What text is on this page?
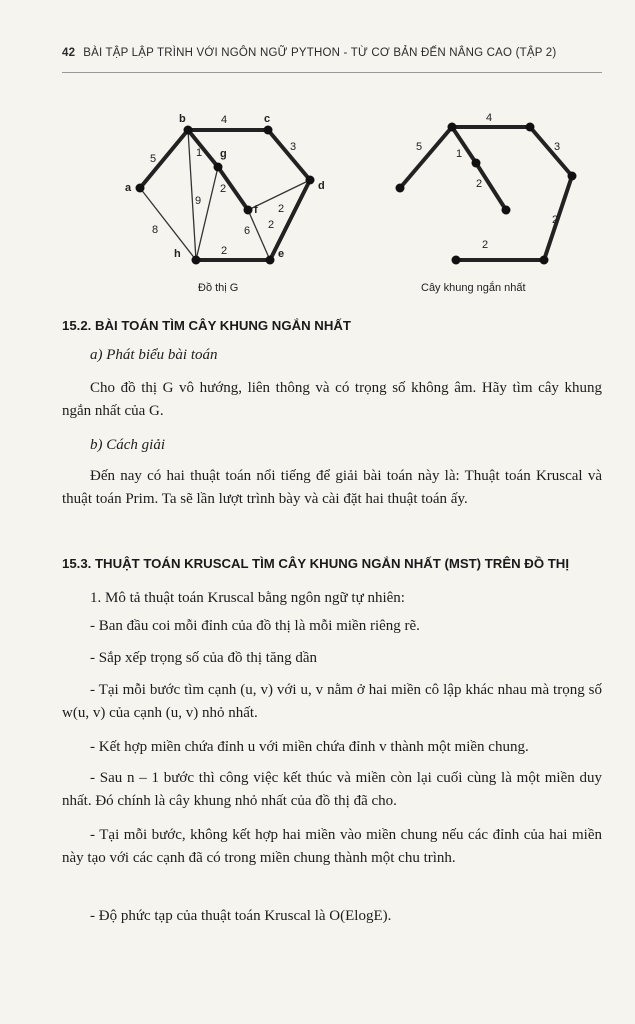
42 BÀI TẬP LẬP TRÌNH VỚI NGÔN NGỮ PYTHON - TỪ CƠ BẢN ĐẾN NÂNG CAO (TẬP 2)
a
b	c
d
e
f
g
h
5
4
3
1
2
2
2
2
8
9
6
5
4
3
1
2
2
2
Đồ thị G	Cây khung ngắn nhất
15.2. BÀI TOÁN TÌM CÂY KHUNG NGẮN NHẤT
a) Phát biểu bài toán
Cho đồ thị G vô hướng, liên thông và có trọng số không âm. Hãy tìm cây khung ngắn nhất của G.
b) Cách giải
Đến nay có hai thuật toán nổi tiếng để giải bài toán này là: Thuật toán Kruscal và thuật toán Prim. Ta sẽ lần lượt trình bày và cài đặt hai thuật toán ấy.
15.3. THUẬT TOÁN KRUSCAL TÌM CÂY KHUNG NGẮN NHẤT (MST) TRÊN ĐỒ THỊ
1. Mô tả thuật toán Kruscal bằng ngôn ngữ tự nhiên:
- Ban đầu coi mỗi đỉnh của đồ thị là mỗi miền riêng rẽ.
- Sắp xếp trọng số của đồ thị tăng dần
- Tại mỗi bước tìm cạnh (u, v) với u, v nằm ở hai miền cô lập khác nhau mà trọng số w(u, v) của cạnh (u, v) nhỏ nhất.
- Kết hợp miền chứa đỉnh u với miền chứa đỉnh v thành một miền chung.
- Sau n – 1 bước thì công việc kết thúc và miền còn lại cuối cùng là một miền duy nhất. Đó chính là cây khung nhỏ nhất của đồ thị đã cho.
- Tại mỗi bước, không kết hợp hai miền vào miền chung nếu các đỉnh của hai miền này tạo với các cạnh đã có trong miền chung thành một chu trình.
- Độ phức tạp của thuật toán Kruscal là O(ElogE).
